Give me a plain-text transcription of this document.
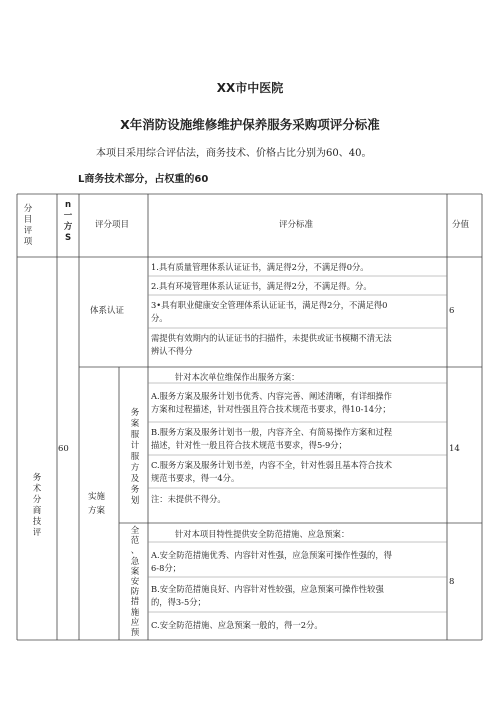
XX市中医院
X年消防设施维修维护保养服务采购项评分标准
本项目采用综合评估法，商务技术、价格占比分别为60、40。
L商务技术部分，占权重的60
分
目
评
项
n
一
方
S
评分项目	评分标准	分值
务
术
分
商
技
评
60
体系认证
1.具有质量管理体系认证证书，满足得2分，不满足得0分。
2.具有环境管理体系认证证书，满足得2分，不满足得。分。
3•具有职业健康安全管理体系认证证书，满足得2分，不满足得0
分。
需提供有效期内的认证证书的扫描件，未提供或证书模糊不清无法
辨认不得分
6
实施
方案
务
案
服
计
服
方
及
务
划
针对本次单位维保作出服务方案：
A.服务方案及服务计划书优秀、内容完善、阐述清晰，有详细操作
方案和过程描述，针对性强且符合技术规范书要求，得10-14分；
B.服务方案及服务计划书一般，内容齐全、有简易操作方案和过程
描述，针对性一般且符合技术规范书要求，得5-9分；
C.服务方案及服务计划书差，内容不全，针对性弱且基本符合技术
规范书要求，得一4分。
注：未提供不得分。
14
全
范
、
急
案
安
防
措
施
应
预
针对本项目特性提供安全防范措施、应急预案：
A.安全防范措施优秀、内容针对性强，应急预案可操作性强的，得
6-8分；
B.安全防范措施良好、内容针对性较强，应急预案可操作性较强
的，得3-5分；
C.安全防范措施、应急预案一般的，得一2分。
8
